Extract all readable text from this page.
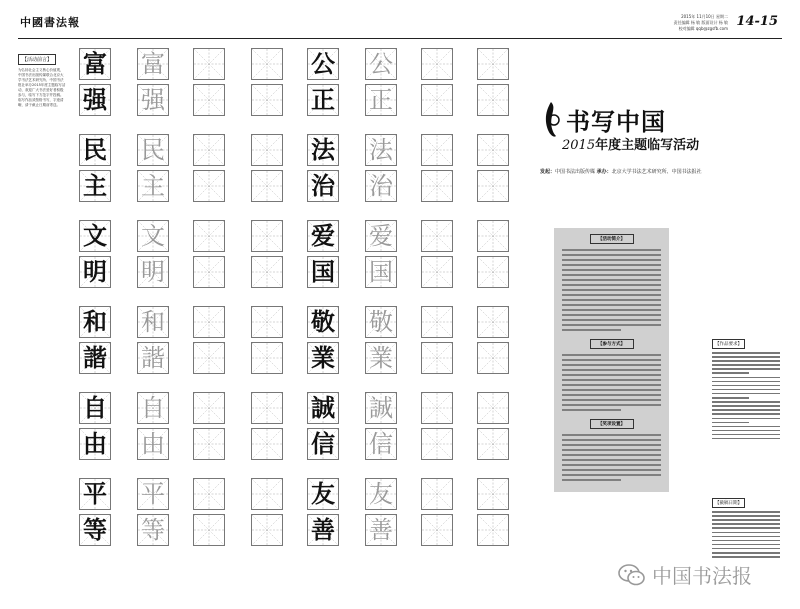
中國書法報	2015年 11月10日 星期二
责任编辑 杨 敏 版面设计 杨 敏
校对编辑 qqb@zgsfb.com 14-15
【活动前言】
为弘扬社会主义核心价值观，
中国书法出版传媒联合北京大
学书法艺术研究所、中国书法
报社举办2015年度主题临写活
动，欢迎广大书法爱好者积极
参与，临写下方范字并投稿。
临写作品须按格书写，字迹清
晰，请于截止日期前寄送。
富
强
富
强
公
正
公
正
民
主
民
主
法
治
法
治
文
明
文
明
爱
国
爱
国
和
諧
和
諧
敬
業
敬
業
自
由
自
由
誠
信
誠
信
平
等
平
等
友
善
友
善
书写中国
2015年度主题临写活动
发起：中国书法出版传媒 承办：北京大学书法艺术研究所、中国书法报社
【活动简介】
【参与方式】
【奖项设置】
【作品要求】
【截稿日期】
中国书法报
